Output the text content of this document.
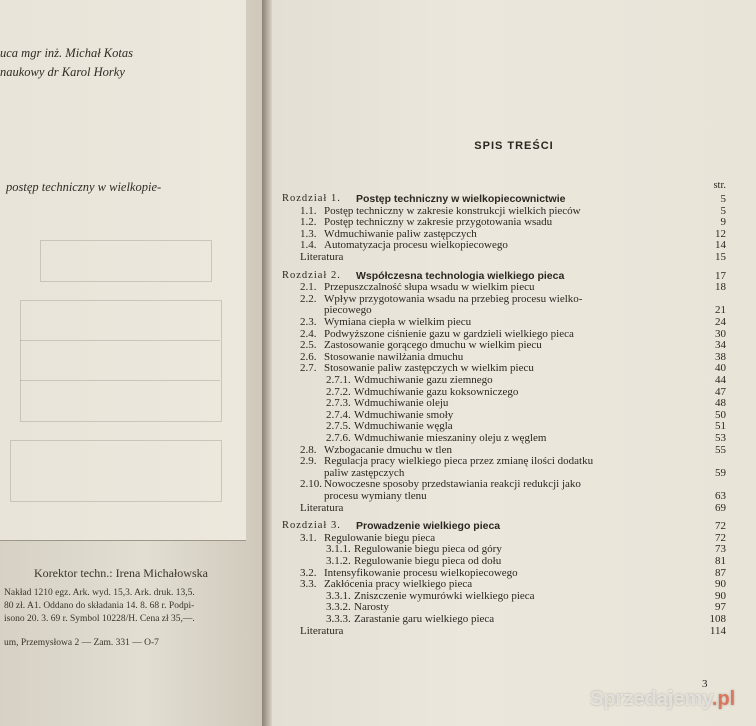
uca mgr inż. Michał Kotas
naukowy dr Karol Horky
postęp techniczny w wielkopie-
Korektor techn.: Irena Michałowska
Nakład 1210 egz. Ark. wyd. 15,3. Ark. druk. 13,5.
80 zł. A1. Oddano do składania 14. 8. 68 r. Podpi-
isono 20. 3. 69 r. Symbol 10228/H. Cena zł 35,—.
um, Przemysłowa 2 — Zam. 331 — O-7
SPIS TREŚCI
str.
Rozdział 1. Postęp techniczny w wielkopiecownictwie	5
1.1. Postęp techniczny w zakresie konstrukcji wielkich pieców	5
1.2. Postęp techniczny w zakresie przygotowania wsadu	9
1.3. Wdmuchiwanie paliw zastępczych	12
1.4. Automatyzacja procesu wielkopiecowego	14
Literatura	15
Rozdział 2. Współczesna technologia wielkiego pieca	17
2.1. Przepuszczalność słupa wsadu w wielkim piecu	18
2.2. Wpływ przygotowania wsadu na przebieg procesu wielko-
piecowego	21
2.3. Wymiana ciepła w wielkim piecu	24
2.4. Podwyższone ciśnienie gazu w gardzieli wielkiego pieca	30
2.5. Zastosowanie gorącego dmuchu w wielkim piecu	34
2.6. Stosowanie nawilżania dmuchu	38
2.7. Stosowanie paliw zastępczych w wielkim piecu	40
2.7.1. Wdmuchiwanie gazu ziemnego	44
2.7.2. Wdmuchiwanie gazu koksowniczego	47
2.7.3. Wdmuchiwanie oleju	48
2.7.4. Wdmuchiwanie smoły	50
2.7.5. Wdmuchiwanie węgla	51
2.7.6. Wdmuchiwanie mieszaniny oleju z węglem	53
2.8. Wzbogacanie dmuchu w tlen	55
2.9. Regulacja pracy wielkiego pieca przez zmianę ilości dodatku
paliw zastępczych	59
2.10. Nowoczesne sposoby przedstawiania reakcji redukcji jako
procesu wymiany tlenu	63
Literatura	69
Rozdział 3. Prowadzenie wielkiego pieca	72
3.1. Regulowanie biegu pieca	72
3.1.1. Regulowanie biegu pieca od góry	73
3.1.2. Regulowanie biegu pieca od dołu	81
3.2. Intensyfikowanie procesu wielkopiecowego	87
3.3. Zakłócenia pracy wielkiego pieca	90
3.3.1. Zniszczenie wymurówki wielkiego pieca	90
3.3.2. Narosty	97
3.3.3. Zarastanie garu wielkiego pieca	108
Literatura	114
3
Sprzedajemy.pl
